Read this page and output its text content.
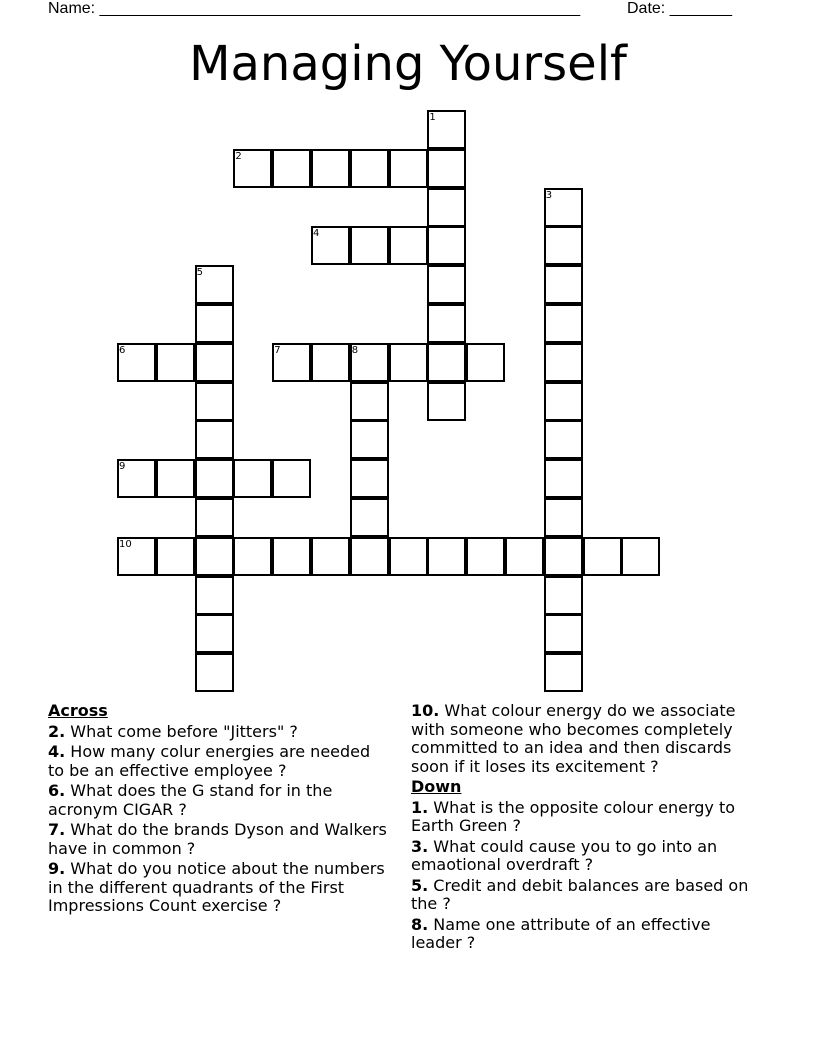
Name: ______________________________________________________	Date: _______
Managing Yourself
1
2
3
4
5
6	7	8
9
10
Across
2. What come before "Jitters" ?
4. How many colur energies are needed to be an effective employee ?
6. What does the G stand for in the acronym CIGAR ?
7. What do the brands Dyson and Walkers have in common ?
9. What do you notice about the numbers in the different quadrants of the First Impressions Count exercise ?
10. What colour energy do we associate with someone who becomes completely committed to an idea and then discards soon if it loses its excitement ?
Down
1. What is the opposite colour energy to Earth Green ?
3. What could cause you to go into an emaotional overdraft ?
5. Credit and debit balances are based on the ?
8. Name one attribute of an effective leader ?
